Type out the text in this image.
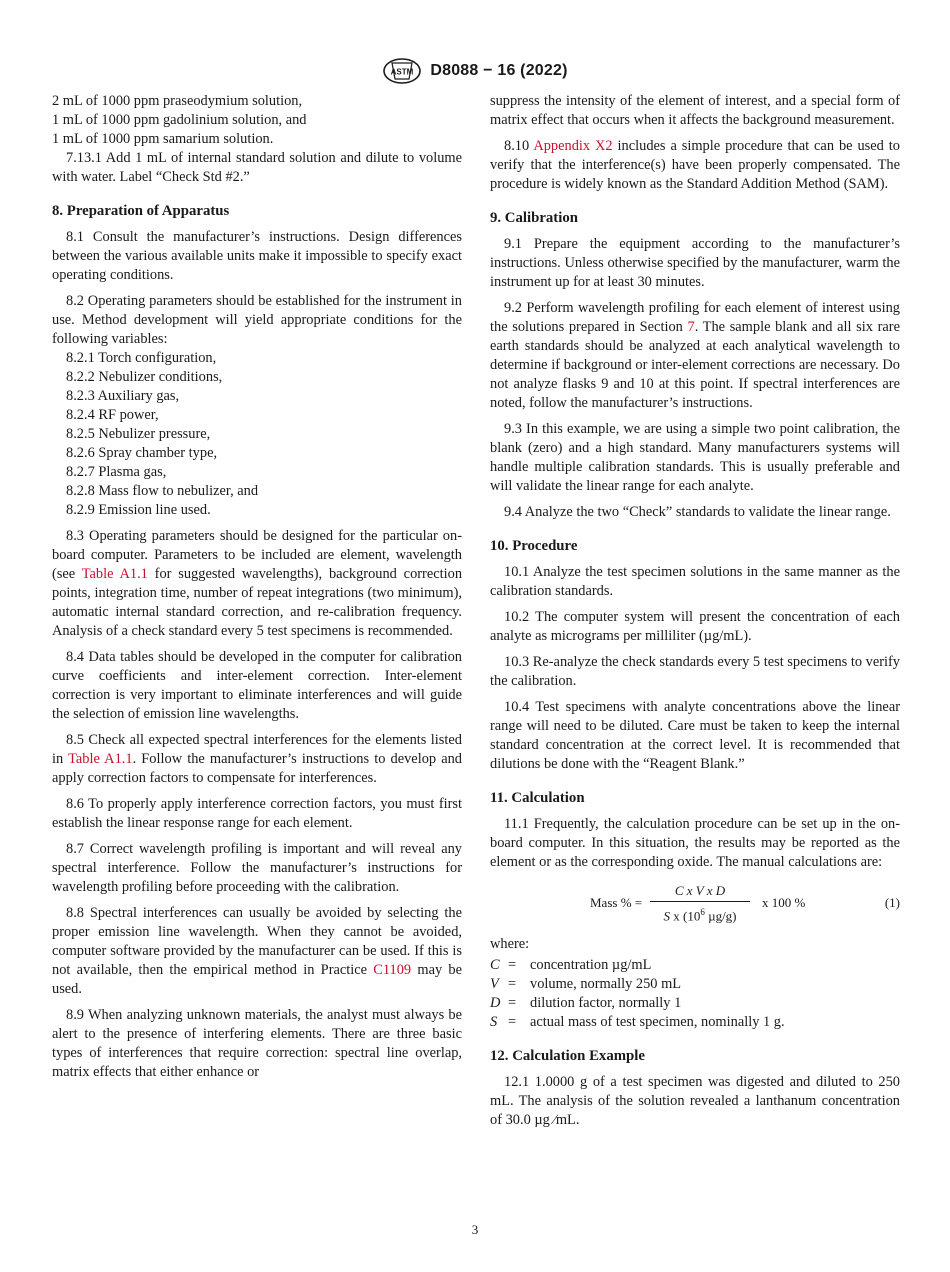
ASTM D8088 − 16 (2022)

2 mL of 1000 ppm praseodymium solution,

1 mL of 1000 ppm gadolinium solution, and

1 mL of 1000 ppm samarium solution.

7.13.1 Add 1 mL of internal standard solution and dilute to volume with water. Label “Check Std #2.”

8. Preparation of Apparatus

8.1 Consult the manufacturer’s instructions. Design differences between the various available units make it impossible to specify exact operating conditions.

8.2 Operating parameters should be established for the instrument in use. Method development will yield appropriate conditions for the following variables:

8.2.1 Torch configuration,

8.2.2 Nebulizer conditions,

8.2.3 Auxiliary gas,

8.2.4 RF power,

8.2.5 Nebulizer pressure,

8.2.6 Spray chamber type,

8.2.7 Plasma gas,

8.2.8 Mass flow to nebulizer, and

8.2.9 Emission line used.

8.3 Operating parameters should be designed for the particular on-board computer. Parameters to be included are element, wavelength (see Table A1.1 for suggested wavelengths), background correction points, integration time, number of repeat integrations (two minimum), automatic internal standard correction, and re-calibration frequency. Analysis of a check standard every 5 test specimens is recommended.

8.4 Data tables should be developed in the computer for calibration curve coefficients and inter-element correction. Inter-element correction is very important to eliminate interferences and will guide the selection of emission line wavelengths.

8.5 Check all expected spectral interferences for the elements listed in Table A1.1. Follow the manufacturer’s instructions to develop and apply correction factors to compensate for interferences.

8.6 To properly apply interference correction factors, you must first establish the linear response range for each element.

8.7 Correct wavelength profiling is important and will reveal any spectral interference. Follow the manufacturer’s instructions for wavelength profiling before proceeding with the calibration.

8.8 Spectral interferences can usually be avoided by selecting the proper emission line wavelength. When they cannot be avoided, computer software provided by the manufacturer can be used. If this is not available, then the empirical method in Practice C1109 may be used.

8.9 When analyzing unknown materials, the analyst must always be alert to the presence of interfering elements. There are three basic types of interferences that require correction: spectral line overlap, matrix effects that either enhance or

suppress the intensity of the element of interest, and a special form of matrix effect that occurs when it affects the background measurement.

8.10 Appendix X2 includes a simple procedure that can be used to verify that the interference(s) have been properly compensated. The procedure is widely known as the Standard Addition Method (SAM).

9. Calibration

9.1 Prepare the equipment according to the manufacturer’s instructions. Unless otherwise specified by the manufacturer, warm the instrument up for at least 30 minutes.

9.2 Perform wavelength profiling for each element of interest using the solutions prepared in Section 7. The sample blank and all six rare earth standards should be analyzed at each analytical wavelength to determine if background or inter-element corrections are necessary. Do not analyze flasks 9 and 10 at this point. If spectral interferences are noted, follow the manufacturer’s instructions.

9.3 In this example, we are using a simple two point calibration, the blank (zero) and a high standard. Many manufacturers systems will handle multiple calibration standards. This is usually preferable and will validate the linear range for each analyte.

9.4 Analyze the two “Check” standards to validate the linear range.

10. Procedure

10.1 Analyze the test specimen solutions in the same manner as the calibration standards.

10.2 The computer system will present the concentration of each analyte as micrograms per milliliter (µg/mL).

10.3 Re-analyze the check standards every 5 test specimens to verify the calibration.

10.4 Test specimens with analyte concentrations above the linear range will need to be diluted. Care must be taken to keep the internal standard concentration at the correct level. It is recommended that dilutions be done with the “Reagent Blank.”

11. Calculation

11.1 Frequently, the calculation procedure can be set up in the on-board computer. In this situation, the results may be reported as the element or as the corresponding oxide. The manual calculations are:

Mass % =
C x V x D
S x ($10^6$ µg/g)
x 100 %	(1)

where:

C = concentration µg/mL
V = volume, normally 250 mL
D = dilution factor, normally 1
S = actual mass of test specimen, nominally 1 g.
12. Calculation Example

12.1 1.0000 g of a test specimen was digested and diluted to 250 mL. The analysis of the solution revealed a lanthanum concentration of 30.0 µg ⁄mL.

3
